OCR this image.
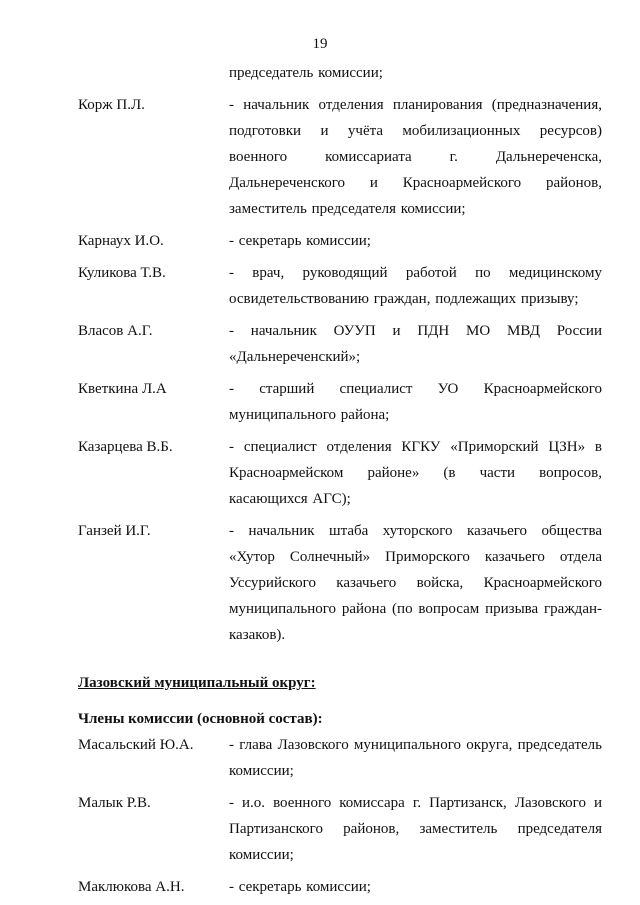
19
председатель комиссии;
Корж П.Л.	- начальник отделения планирования (предназначения, подготовки и учёта мобилизационных ресурсов) военного комиссариата г. Дальнереченска, Дальнереченского и Красноармейского районов, заместитель председателя комиссии;
Карнаух И.О.	- секретарь комиссии;
Куликова Т.В.	- врач, руководящий работой по медицинскому освидетельствованию граждан, подлежащих призыву;
Власов А.Г.	- начальник ОУУП и ПДН МО МВД России «Дальнереченский»;
Кветкина Л.А	- старший специалист УО Красноармейского муниципального района;
Казарцева В.Б.	- специалист отделения КГКУ «Приморский ЦЗН» в Красноармейском районе» (в части вопросов, касающихся АГС);
Ганзей И.Г.	- начальник штаба хуторского казачьего общества «Хутор Солнечный» Приморского казачьего отдела Уссурийского казачьего войска, Красноармейского муниципального района (по вопросам призыва граждан-казаков).
Лазовский муниципальный округ:
Члены комиссии (основной состав):
Масальский Ю.А.	- глава Лазовского муниципального округа, председатель комиссии;
Малык Р.В.	- и.о. военного комиссара г. Партизанск, Лазовского и Партизанского районов, заместитель председателя комиссии;
Маклюкова А.Н.	- секретарь комиссии;
